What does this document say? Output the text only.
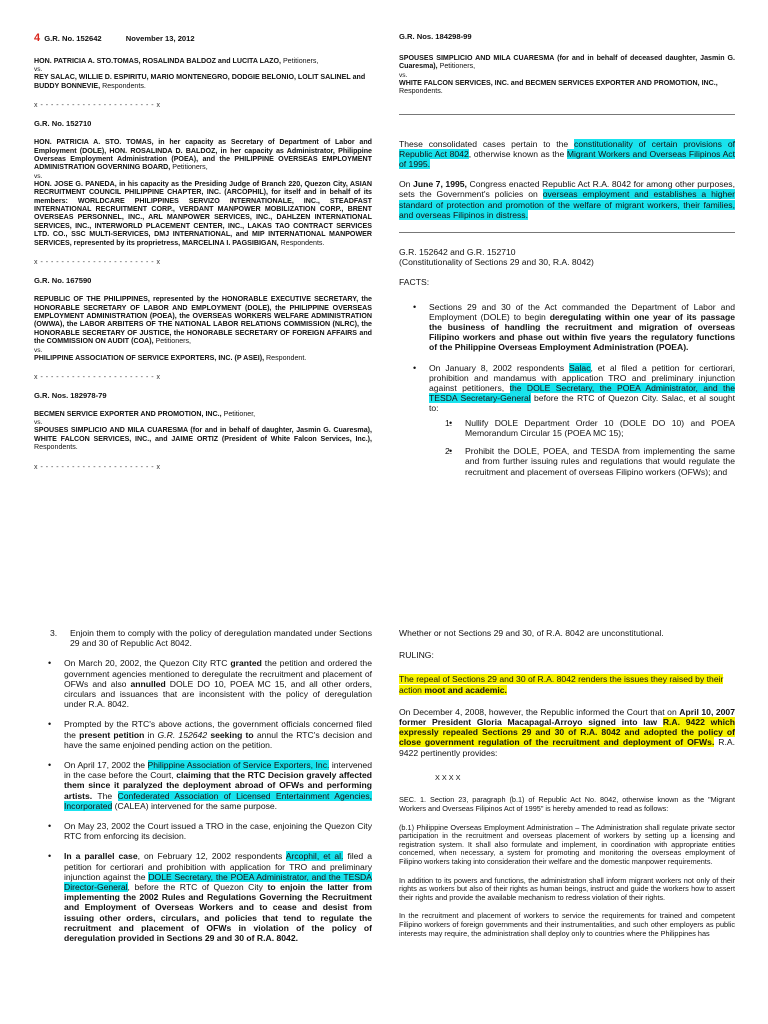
4 G.R. No. 152642	November 13, 2012

HON. PATRICIA A. STO.TOMAS, ROSALINDA BALDOZ and LUCITA LAZO, Petitioners,

vs.

REY SALAC, WILLIE D. ESPIRITU, MARIO MONTENEGRO, DODGIE BELONIO, LOLIT SALINEL and BUDDY BONNEVIE, Respondents.

x - - - - - - - - - - - - - - - - - - - - - - x
G.R. No. 152710

HON. PATRICIA A. STO. TOMAS, in her capacity as Secretary of Department of Labor and Employment (DOLE), HON. ROSALINDA D. BALDOZ, in her capacity as Administrator, Philippine Overseas Employment Administration (POEA), and the PHILIPPINE OVERSEAS EMPLOYMENT ADMINISTRATION GOVERNING BOARD, Petitioners,

vs.

HON. JOSE G. PANEDA, in his capacity as the Presiding Judge of Branch 220, Quezon City, ASIAN RECRUITMENT COUNCIL PHILIPPINE CHAPTER, INC. (ARCOPHIL), for itself and in behalf of its members: WORLDCARE PHILIPPINES SERVIZO INTERNATIONALE, INC., STEADFAST INTERNATIONAL RECRUITMENT CORP., VERDANT MANPOWER MOBILIZATION CORP., BRENT OVERSEAS PERSONNEL, INC., ARL MANPOWER SERVICES, INC., DAHLZEN INTERNATIONAL SERVICES, INC., INTERWORLD PLACEMENT CENTER, INC., LAKAS TAO CONTRACT SERVICES LTD. CO., SSC MULTI-SERVICES, DMJ INTERNATIONAL, and MIP INTERNATIONAL MANPOWER SERVICES, represented by its proprietress, MARCELINA I. PAGSIBIGAN, Respondents.

x - - - - - - - - - - - - - - - - - - - - - - x
G.R. No. 167590

REPUBLIC OF THE PHILIPPINES, represented by the HONORABLE EXECUTIVE SECRETARY, the HONORABLE SECRETARY OF LABOR AND EMPLOYMENT (DOLE), the PHILIPPINE OVERSEAS EMPLOYMENT ADMINISTRATION (POEA), the OVERSEAS WORKERS WELFARE ADMINISTRATION (OWWA), the LABOR ARBITERS OF THE NATIONAL LABOR RELATIONS COMMISSION (NLRC), the HONORABLE SECRETARY OF JUSTICE, the HONORABLE SECRETARY OF FOREIGN AFFAIRS and the COMMISSION ON AUDIT (COA), Petitioners,

vs.

PHILIPPINE ASSOCIATION OF SERVICE EXPORTERS, INC. (P ASEI), Respondent.

x - - - - - - - - - - - - - - - - - - - - - - x
G.R. Nos. 182978-79

BECMEN SERVICE EXPORTER AND PROMOTION, INC., Petitioner,

vs.

SPOUSES SIMPLICIO AND MILA CUARESMA (for and in behalf of daughter, Jasmin G. Cuaresma), WHITE FALCON SERVICES, INC., and JAIME ORTIZ (President of White Falcon Services, Inc.), Respondents.

x - - - - - - - - - - - - - - - - - - - - - - x
G.R. Nos. 184298-99

SPOUSES SIMPLICIO AND MILA CUARESMA (for and in behalf of deceased daughter, Jasmin G. Cuaresma), Petitioners,

vs.

WHITE FALCON SERVICES, INC. and BECMEN SERVICES EXPORTER AND PROMOTION, INC., Respondents.

These consolidated cases pertain to the constitutionality of certain provisions of Republic Act 8042, otherwise known as the Migrant Workers and Overseas Filipinos Act of 1995.

On June 7, 1995, Congress enacted Republic Act R.A. 8042 for among other purposes, sets the Government's policies on overseas employment and establishes a higher standard of protection and promotion of the welfare of migrant workers, their families, and overseas Filipinos in distress.

G.R. 152642 and G.R. 152710
(Constitutionality of Sections 29 and 30, R.A. 8042)

FACTS:

• Sections 29 and 30 of the Act commanded the Department of Labor and Employment (DOLE) to begin deregulating within one year of its passage the business of handling the recruitment and migration of overseas Filipino workers and phase out within five years the regulatory functions of the Philippine Overseas Employment Administration (POEA).
• On January 8, 2002 respondents Salac, et al filed a petition for certiorari, prohibition and mandamus with application TRO and preliminary injunction against petitioners, the DOLE Secretary, the POEA Administrator, and the TESDA Secretary-General before the RTC of Quezon City. Salac, et al sought to:
• 1. Nullify DOLE Department Order 10 (DOLE DO 10) and POEA Memorandum Circular 15 (POEA MC 15);
• 2. Prohibit the DOLE, POEA, and TESDA from implementing the same and from further issuing rules and regulations that would regulate the recruitment and placement of overseas Filipino workers (OFWs); and
3. Enjoin them to comply with the policy of deregulation mandated under Sections 29 and 30 of Republic Act 8042.
• On March 20, 2002, the Quezon City RTC granted the petition and ordered the government agencies mentioned to deregulate the recruitment and placement of OFWs and also annulled DOLE DO 10, POEA MC 15, and all other orders, circulars and issuances that are inconsistent with the policy of deregulation under R.A. 8042.
• Prompted by the RTC's above actions, the government officials concerned filed the present petition in G.R. 152642 seeking to annul the RTC's decision and have the same enjoined pending action on the petition.
• On April 17, 2002 the Philippine Association of Service Exporters, Inc. intervened in the case before the Court, claiming that the RTC Decision gravely affected them since it paralyzed the deployment abroad of OFWs and performing artists. The Confederated Association of Licensed Entertainment Agencies, Incorporated (CALEA) intervened for the same purpose.
• On May 23, 2002 the Court issued a TRO in the case, enjoining the Quezon City RTC from enforcing its decision.
• In a parallel case, on February 12, 2002 respondents Arcophil, et al. filed a petition for certiorari and prohibition with application for TRO and preliminary injunction against the DOLE Secretary, the POEA Administrator, and the TESDA Director-General, before the RTC of Quezon City to enjoin the latter from implementing the 2002 Rules and Regulations Governing the Recruitment and Employment of Overseas Workers and to cease and desist from issuing other orders, circulars, and policies that tend to regulate the recruitment and placement of OFWs in violation of the policy of deregulation provided in Sections 29 and 30 of R.A. 8042.

Whether or not Sections 29 and 30, of R.A. 8042 are unconstitutional.

RULING:

The repeal of Sections 29 and 30 of R.A. 8042 renders the issues they raised by their action moot and academic.

On December 4, 2008, however, the Republic informed the Court that on April 10, 2007 former President Gloria Macapagal-Arroyo signed into law R.A. 9422 which expressly repealed Sections 29 and 30 of R.A. 8042 and adopted the policy of close government regulation of the recruitment and deployment of OFWs. R.A. 9422 pertinently provides:

X X X X

SEC. 1. Section 23, paragraph (b.1) of Republic Act No. 8042, otherwise known as the "Migrant Workers and Overseas Filipinos Act of 1995" is hereby amended to read as follows:

(b.1) Philippine Overseas Employment Administration – The Administration shall regulate private sector participation in the recruitment and overseas placement of workers by setting up a licensing and registration system. It shall also formulate and implement, in coordination with appropriate entities concerned, when necessary, a system for promoting and monitoring the overseas employment of Filipino workers taking into consideration their welfare and the domestic manpower requirements.

In addition to its powers and functions, the administration shall inform migrant workers not only of their rights as workers but also of their rights as human beings, instruct and guide the workers how to assert their rights and provide the available mechanism to redress violation of their rights.

In the recruitment and placement of workers to service the requirements for trained and competent Filipino workers of foreign governments and their instrumentalities, and such other employers as public interests may require, the administration shall deploy only to countries where the Philippines has
